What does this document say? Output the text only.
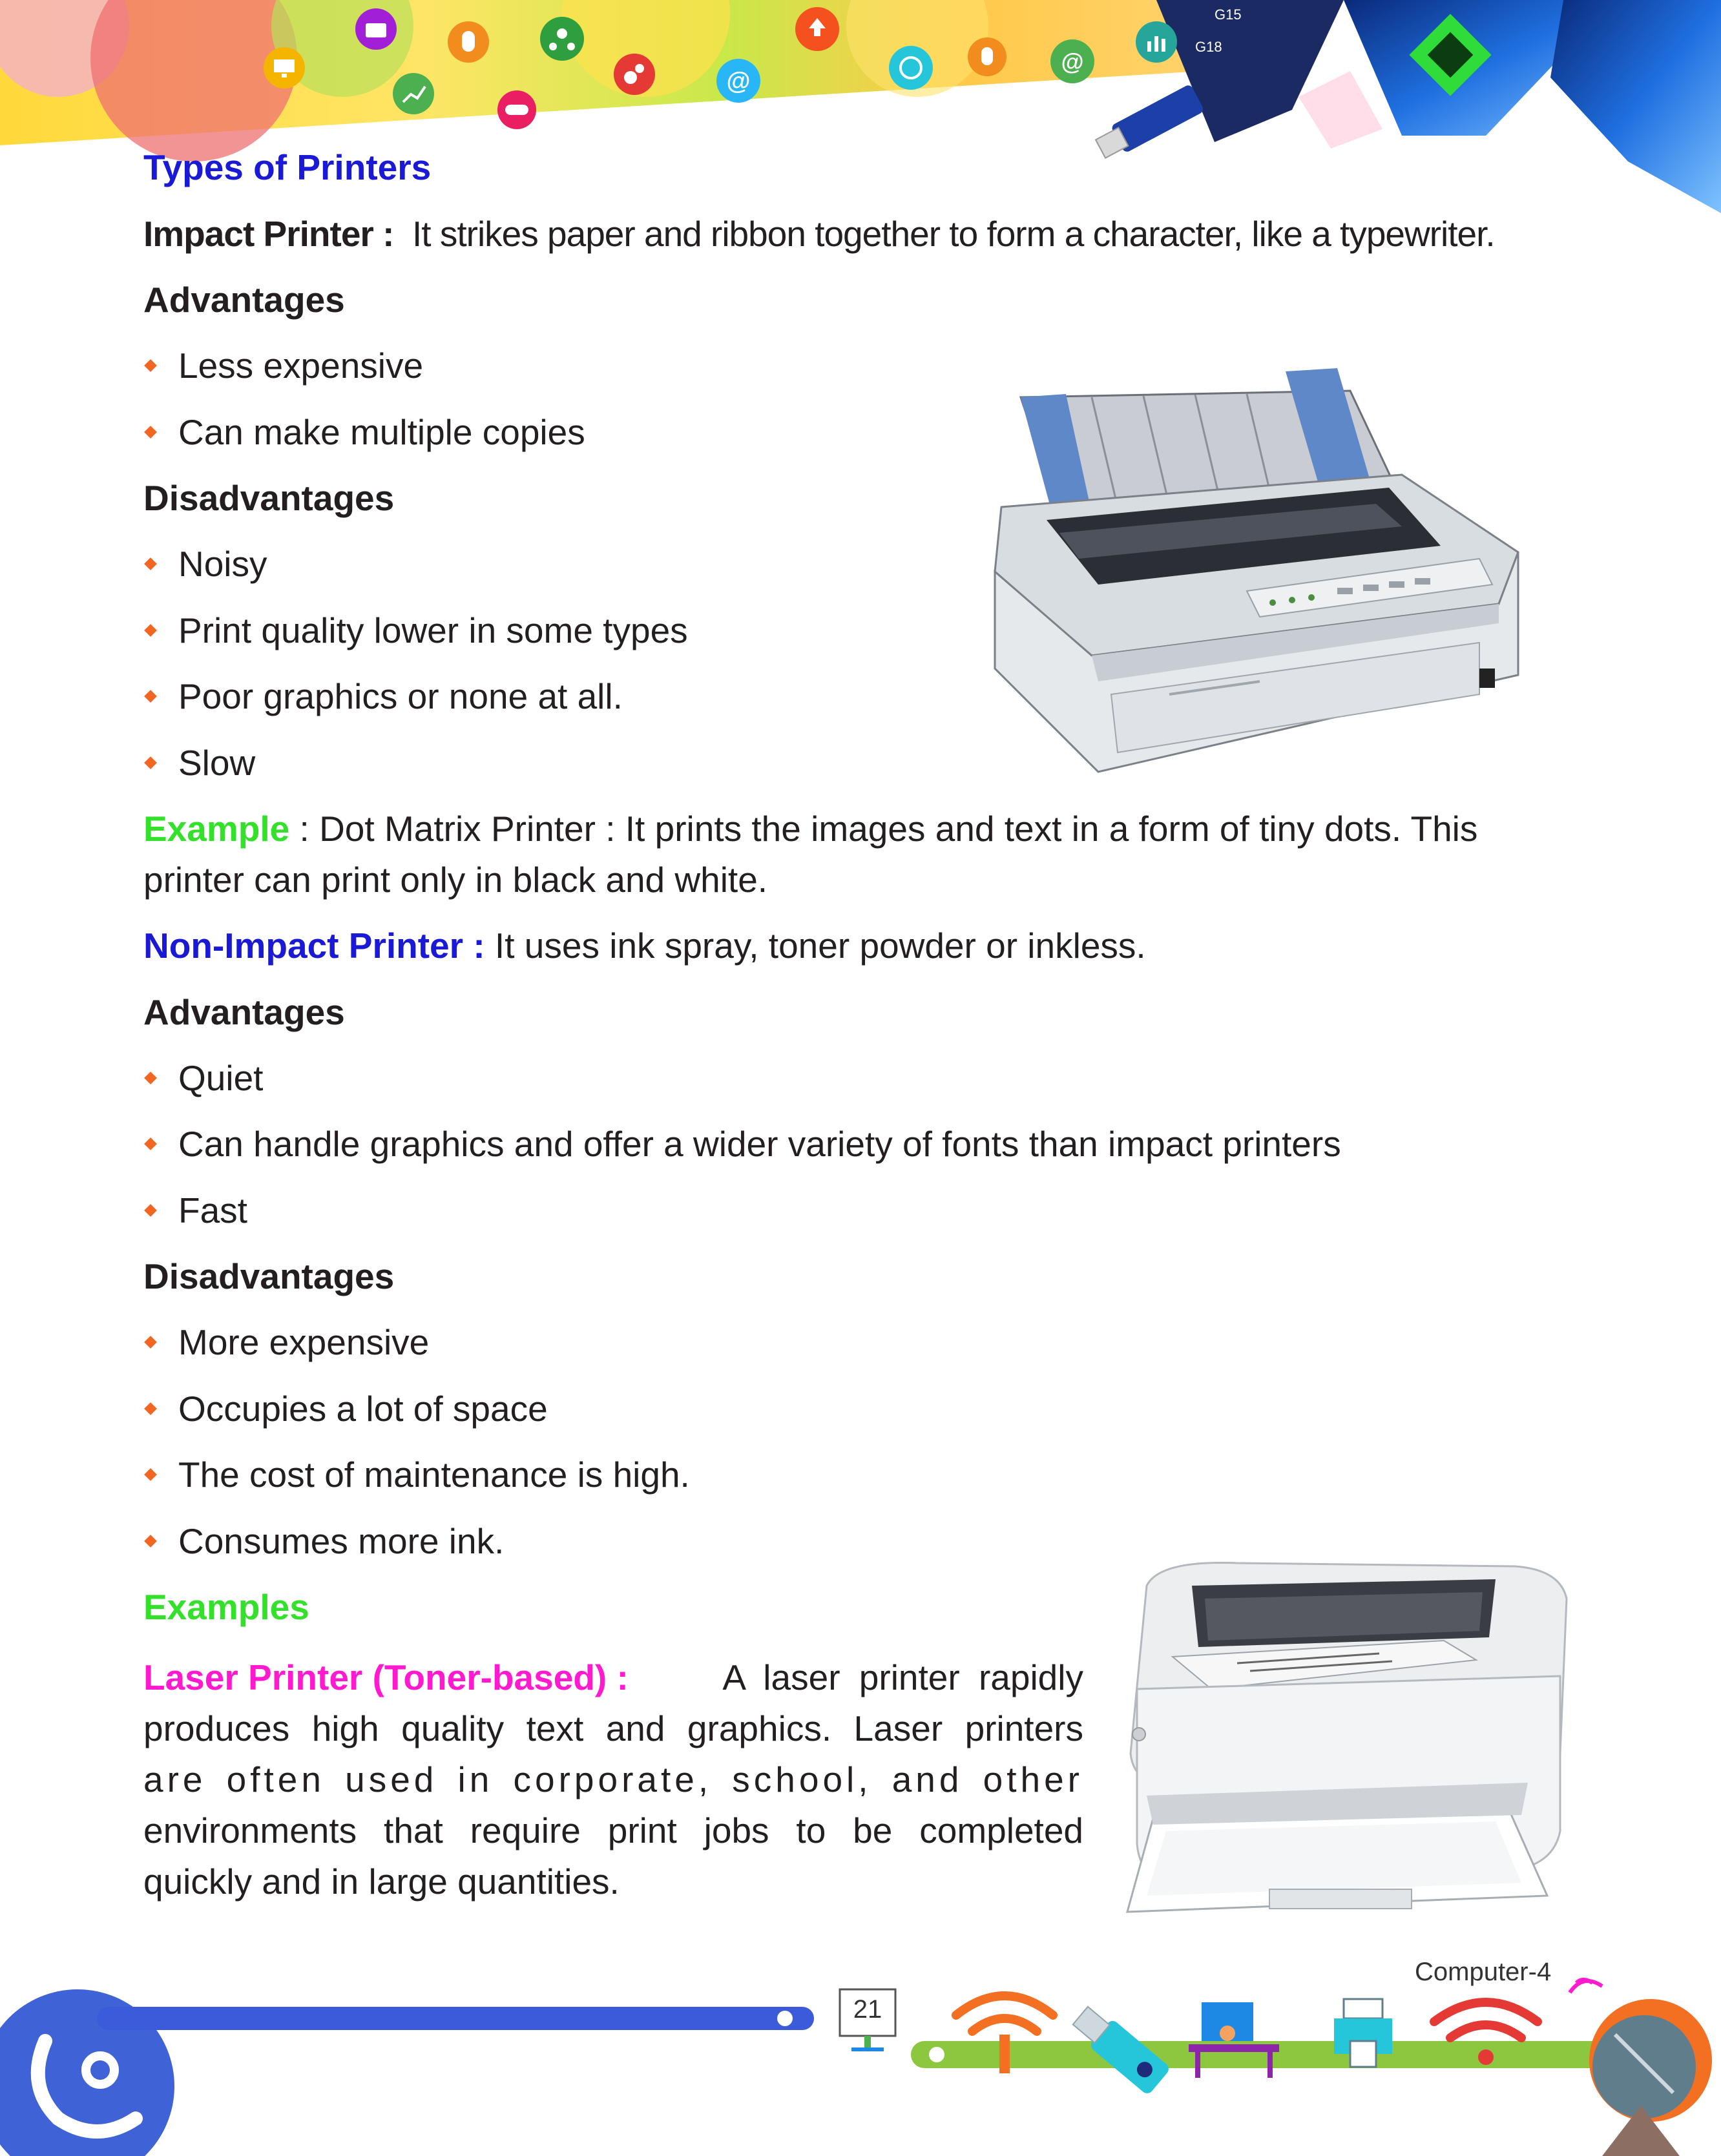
G15
G18
Ctrl
@
@
Types of Printers
Impact Printer : It strikes paper and ribbon together to form a character, like a typewriter.
Advantages
Less expensive
Can make multiple copies
Disadvantages
Noisy
Print quality lower in some types
Poor graphics or none at all.
Slow
Example : Dot Matrix Printer : It prints the images and text in a form of tiny dots. This
printer can print only in black and white.
Non-Impact Printer : It uses ink spray, toner powder or inkless.
Advantages
Quiet
Can handle graphics and offer a wider variety of fonts than impact printers
Fast
Disadvantages
More expensive
Occupies a lot of space
The cost of maintenance is high.
Consumes more ink.
Examples
Laser Printer (Toner-based) :	A laser printer rapidly
produces high quality text and graphics. Laser printers
are often used in corporate, school, and other
environments that require print jobs to be completed
quickly and in large quantities.
21
Computer-4
